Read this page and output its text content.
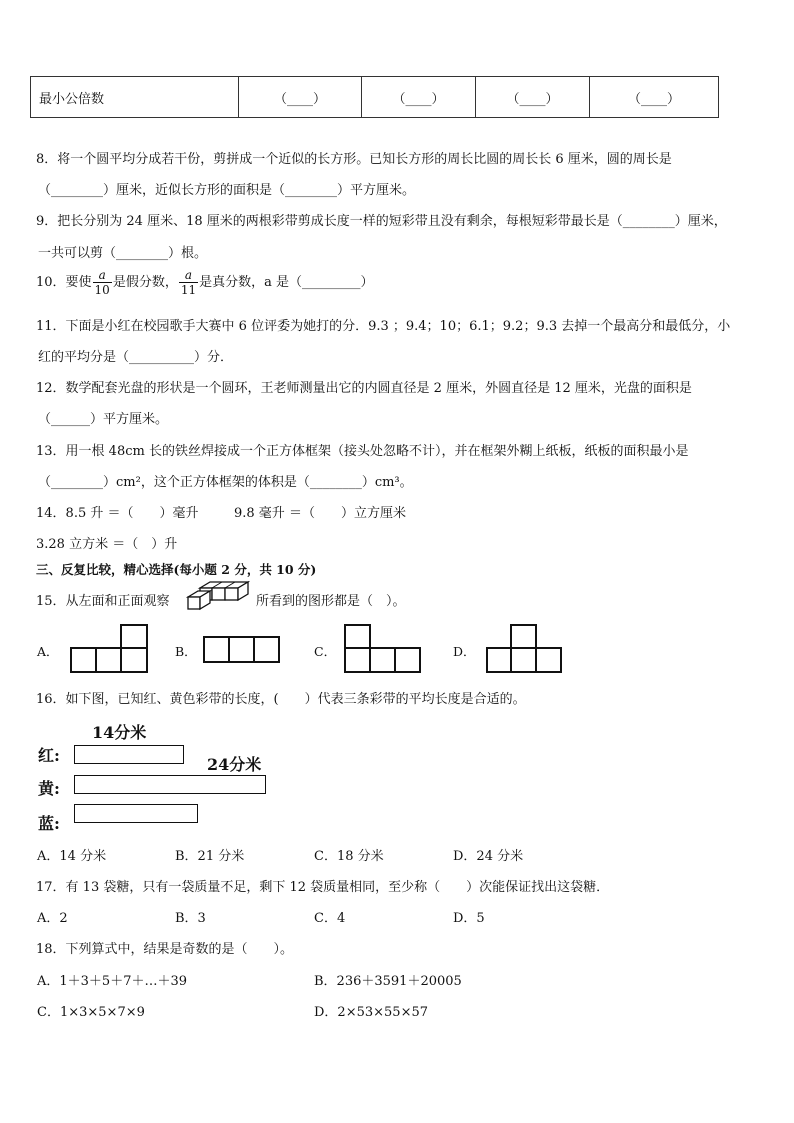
最小公倍数	（____）	（____）	（____）	（____）
8．将一个圆平均分成若干份，剪拼成一个近似的长方形。已知长方形的周长比圆的周长长 6 厘米，圆的周长是
（________）厘米，近似长方形的面积是（________）平方厘米。
9．把长分别为 24 厘米、18 厘米的两根彩带剪成长度一样的短彩带且没有剩余，每根短彩带最长是（________）厘米，
一共可以剪（________）根。
10．要使 $\frac{a}{10}$ 是假分数， $\frac{a}{11}$ 是真分数，a 是（_________）
11．下面是小红在校园歌手大赛中 6 位评委为她打的分．9.3 ；9.4；10；6.1；9.2；9.3 去掉一个最高分和最低分，小
红的平均分是（__________）分．
12．数学配套光盘的形状是一个圆环，王老师测量出它的内圆直径是 2 厘米，外圆直径是 12 厘米，光盘的面积是
（______）平方厘米。
13．用一根 48cm 长的铁丝焊接成一个正方体框架（接头处忽略不计），并在框架外糊上纸板，纸板的面积最小是
（________）cm²，这个正方体框架的体积是（________）cm³。
14．8.5 升 ＝（　　）毫升	9.8 毫升 ＝（　　）立方厘米
3.28 立方米 ＝（　）升
三、反复比较，精心选择(每小题 2 分，共 10 分)
15．从左面和正面观察	所看到的图形都是（　）。
A．	B．	C．	D．
16．如下图，已知红、黄色彩带的长度，(　　）代表三条彩带的平均长度是合适的。
14分米
红:	24分米
黄:
蓝:
A．14 分米	B．21 分米	C．18 分米	D．24 分米
17．有 13 袋糖，只有一袋质量不足，剩下 12 袋质量相同，至少称（　　）次能保证找出这袋糖．
A．2	B．3	C．4	D．5
18．下列算式中，结果是奇数的是（　　）。
A．1＋3＋5＋7＋…＋39	B．236＋3591＋20005
C．1×3×5×7×9	D．2×53×55×57
